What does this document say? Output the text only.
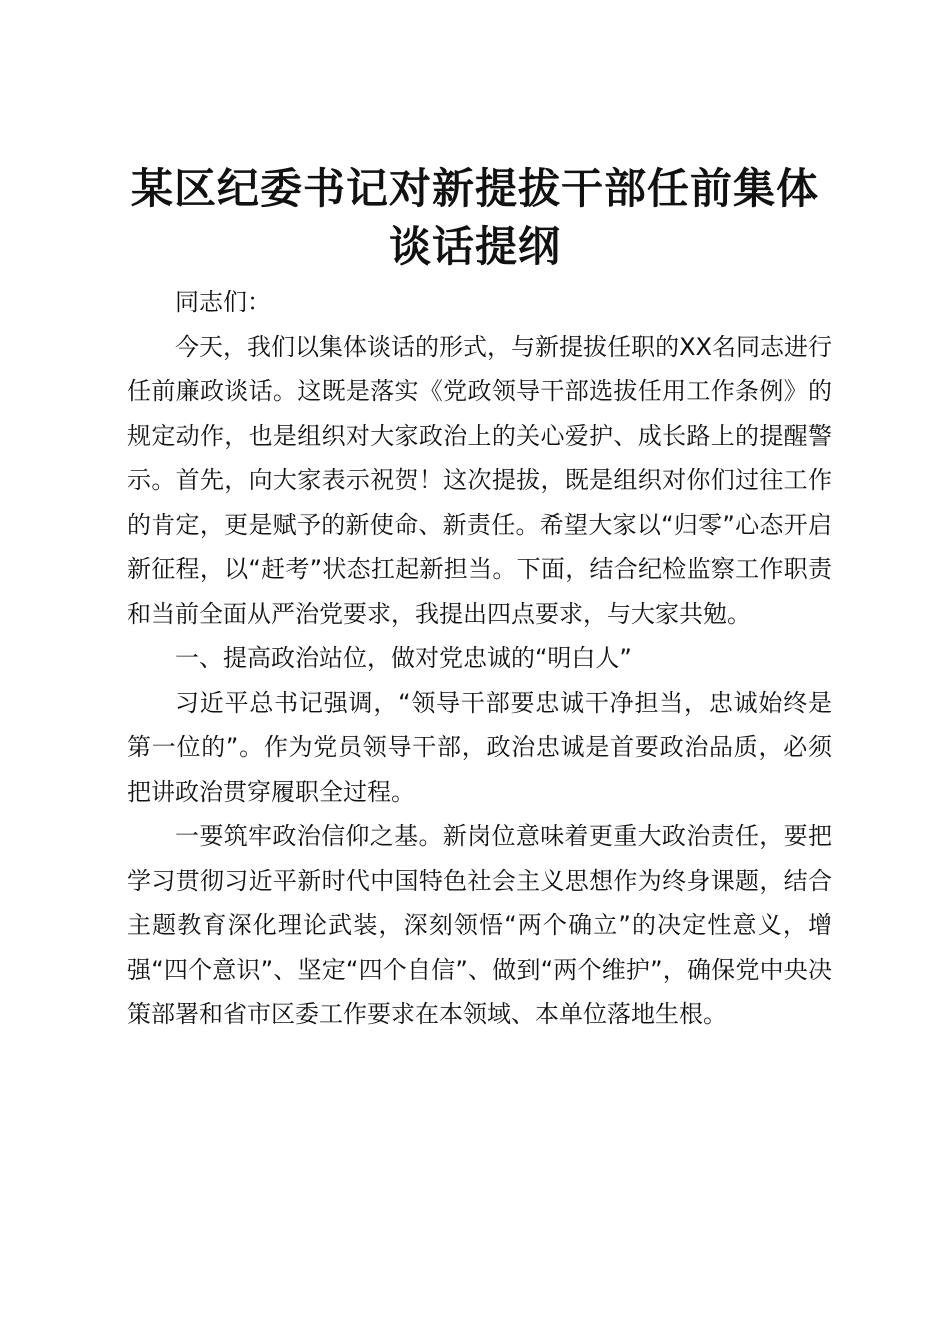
某区纪委书记对新提拔干部任前集体谈话提纲

同志们：

今天，我们以集体谈话的形式，与新提拔任职的XX名同志进行任前廉政谈话。这既是落实《党政领导干部选拔任用工作条例》的规定动作，也是组织对大家政治上的关心爱护、成长路上的提醒警示。首先，向大家表示祝贺！这次提拔，既是组织对你们过往工作的肯定，更是赋予的新使命、新责任。希望大家以“归零”心态开启新征程，以“赶考”状态扛起新担当。下面，结合纪检监察工作职责和当前全面从严治党要求，我提出四点要求，与大家共勉。

一、提高政治站位，做对党忠诚的“明白人”

习近平总书记强调，“领导干部要忠诚干净担当，忠诚始终是第一位的”。作为党员领导干部，政治忠诚是首要政治品质，必须把讲政治贯穿履职全过程。

一要筑牢政治信仰之基。新岗位意味着更重大政治责任，要把学习贯彻习近平新时代中国特色社会主义思想作为终身课题，结合主题教育深化理论武装，深刻领悟“两个确立”的决定性意义，增强“四个意识”、坚定“四个自信”、做到“两个维护”，确保党中央决策部署和省市区委工作要求在本领域、本单位落地生根。
